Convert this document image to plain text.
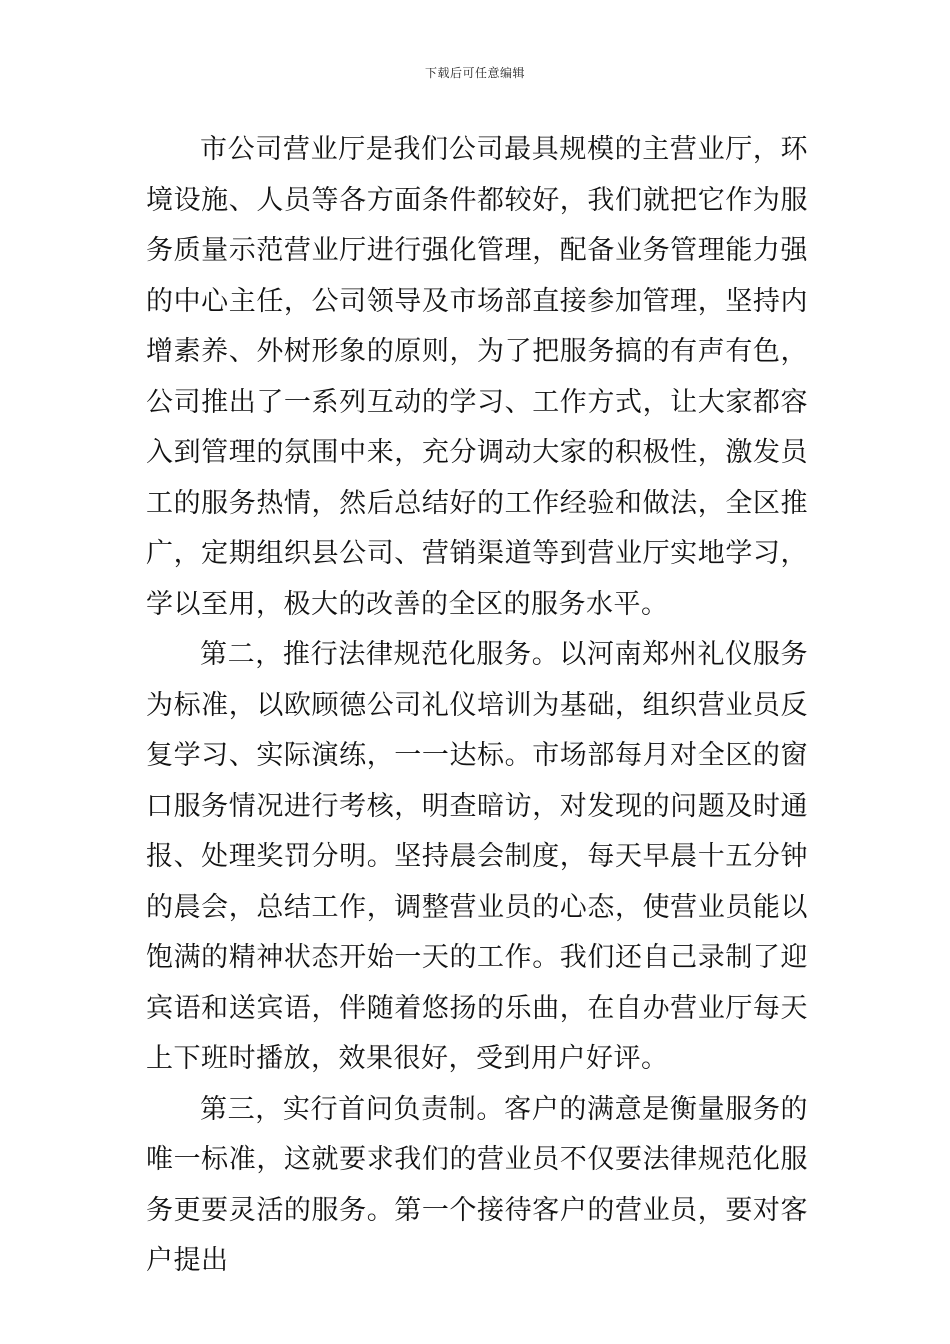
下载后可任意编辑

市公司营业厅是我们公司最具规模的主营业厅，环境设施、人员等各方面条件都较好，我们就把它作为服务质量示范营业厅进行强化管理，配备业务管理能力强的中心主任，公司领导及市场部直接参加管理，坚持内增素养、外树形象的原则，为了把服务搞的有声有色，公司推出了一系列互动的学习、工作方式，让大家都容入到管理的氛围中来，充分调动大家的积极性，激发员工的服务热情，然后总结好的工作经验和做法，全区推广，定期组织县公司、营销渠道等到营业厅实地学习，学以至用，极大的改善的全区的服务水平。

第二，推行法律规范化服务。以河南郑州礼仪服务为标准，以欧顾德公司礼仪培训为基础，组织营业员反复学习、实际演练，一一达标。市场部每月对全区的窗口服务情况进行考核，明查暗访，对发现的问题及时通报、处理奖罚分明。坚持晨会制度，每天早晨十五分钟的晨会，总结工作，调整营业员的心态，使营业员能以饱满的精神状态开始一天的工作。我们还自己录制了迎宾语和送宾语，伴随着悠扬的乐曲，在自办营业厅每天上下班时播放，效果很好，受到用户好评。

第三，实行首问负责制。客户的满意是衡量服务的唯一标准，这就要求我们的营业员不仅要法律规范化服务更要灵活的服务。第一个接待客户的营业员，要对客户提出
